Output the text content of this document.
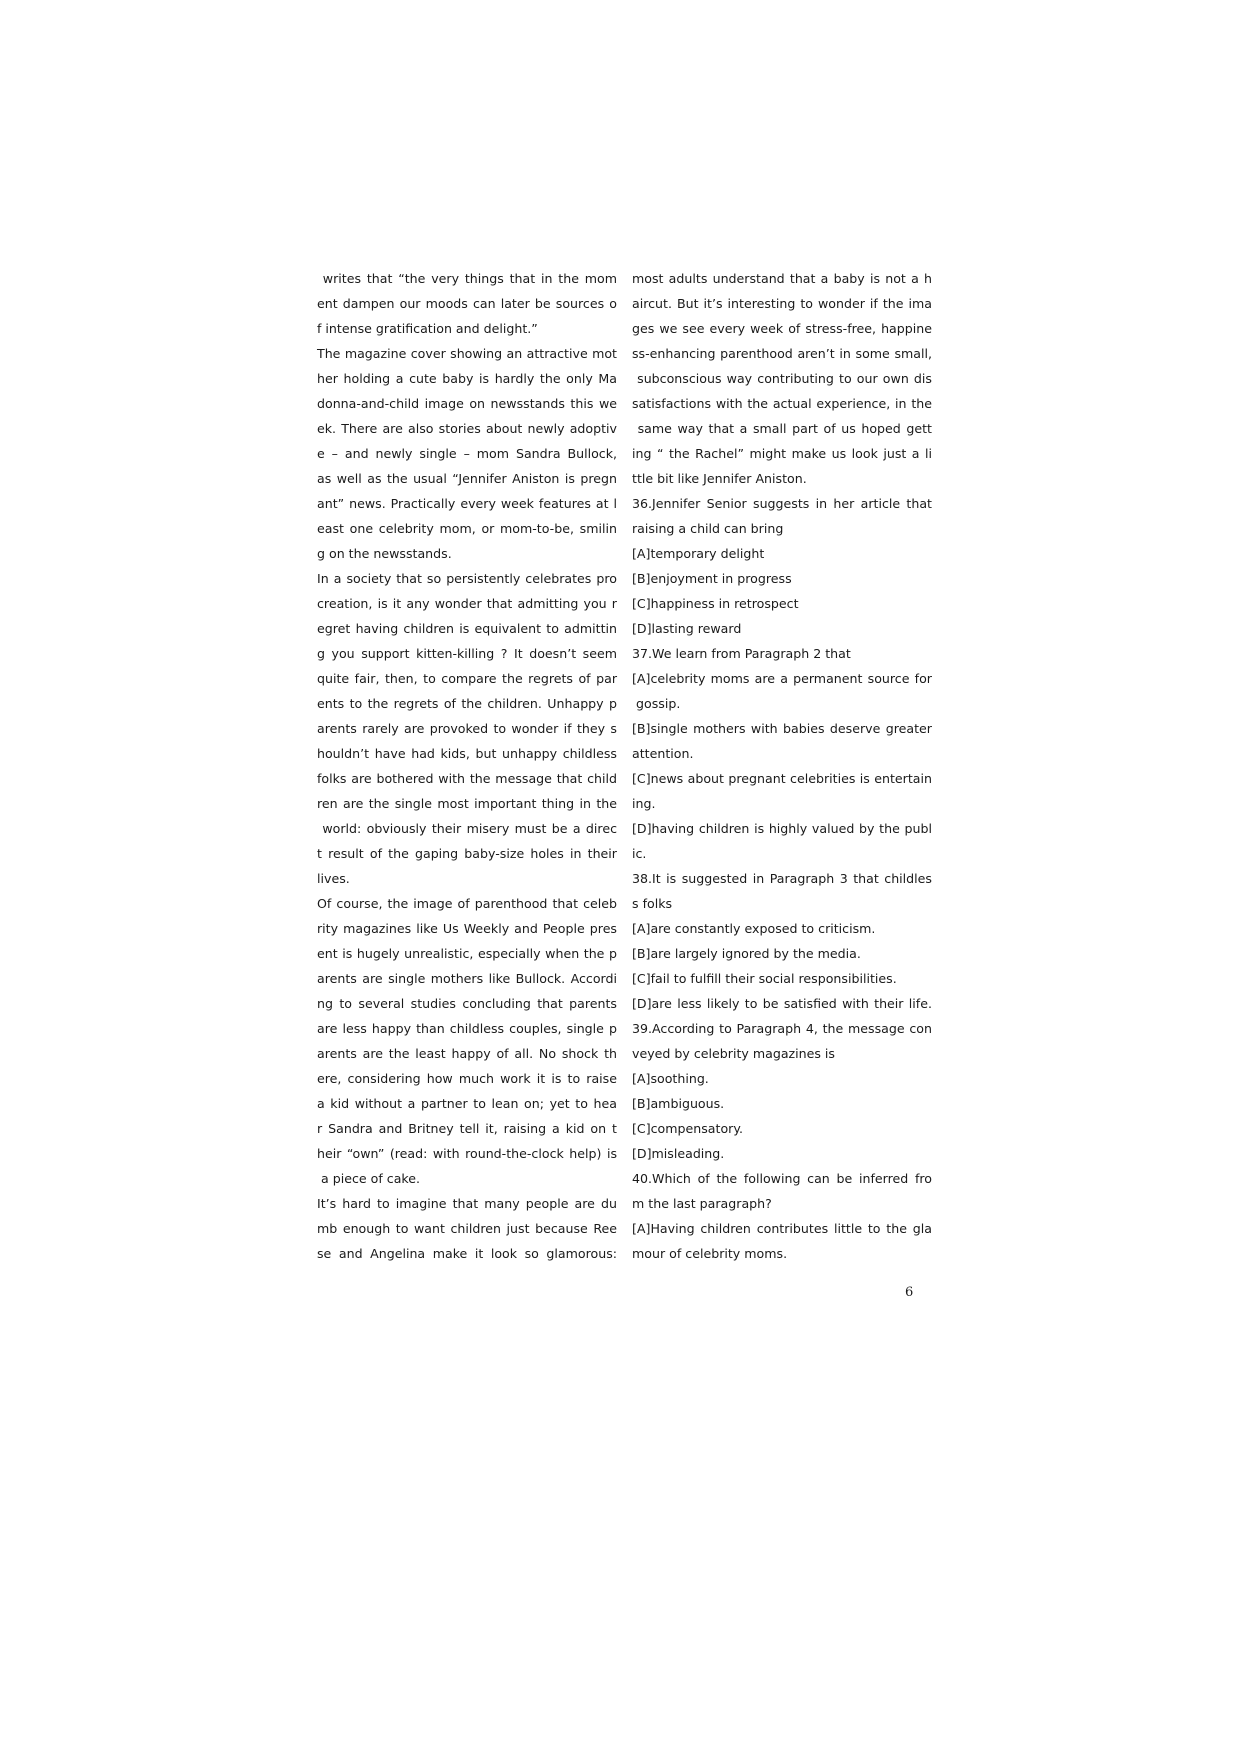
writes that “the very things that in the mom
ent dampen our moods can later be sources o
f intense gratification and delight.”
The magazine cover showing an attractive mot
her holding a cute baby is hardly the only Ma
donna-and-child image on newsstands this we
ek. There are also stories about newly adoptiv
e – and newly single – mom Sandra Bullock,
as well as the usual “Jennifer Aniston is pregn
ant” news. Practically every week features at l
east one celebrity mom, or mom-to-be, smilin
g on the newsstands.
In a society that so persistently celebrates pro
creation, is it any wonder that admitting you r
egret having children is equivalent to admittin
g you support kitten-killing ? It doesn’t seem
quite fair, then, to compare the regrets of par
ents to the regrets of the children. Unhappy p
arents rarely are provoked to wonder if they s
houldn’t have had kids, but unhappy childless
folks are bothered with the message that child
ren are the single most important thing in the
world: obviously their misery must be a direc
t result of the gaping baby-size holes in their
lives.
Of course, the image of parenthood that celeb
rity magazines like Us Weekly and People pres
ent is hugely unrealistic, especially when the p
arents are single mothers like Bullock. Accordi
ng to several studies concluding that parents
are less happy than childless couples, single p
arents are the least happy of all. No shock th
ere, considering how much work it is to raise
a kid without a partner to lean on; yet to hea
r Sandra and Britney tell it, raising a kid on t
heir “own” (read: with round-the-clock help) is
a piece of cake.
It’s hard to imagine that many people are du
mb enough to want children just because Ree
se and Angelina make it look so glamorous:
most adults understand that a baby is not a h
aircut. But it’s interesting to wonder if the ima
ges we see every week of stress-free, happine
ss-enhancing parenthood aren’t in some small,
subconscious way contributing to our own dis
satisfactions with the actual experience, in the
same way that a small part of us hoped gett
ing “ the Rachel” might make us look just a li
ttle bit like Jennifer Aniston.
36.Jennifer Senior suggests in her article that
raising a child can bring
[A]temporary delight
[B]enjoyment in progress
[C]happiness in retrospect
[D]lasting reward
37.We learn from Paragraph 2 that
[A]celebrity moms are a permanent source for
gossip.
[B]single mothers with babies deserve greater
attention.
[C]news about pregnant celebrities is entertain
ing.
[D]having children is highly valued by the publ
ic.
38.It is suggested in Paragraph 3 that childles
s folks
[A]are constantly exposed to criticism.
[B]are largely ignored by the media.
[C]fail to fulfill their social responsibilities.
[D]are less likely to be satisfied with their life.
39.According to Paragraph 4, the message con
veyed by celebrity magazines is
[A]soothing.
[B]ambiguous.
[C]compensatory.
[D]misleading.
40.Which of the following can be inferred fro
m the last paragraph?
[A]Having children contributes little to the gla
mour of celebrity moms.
6
